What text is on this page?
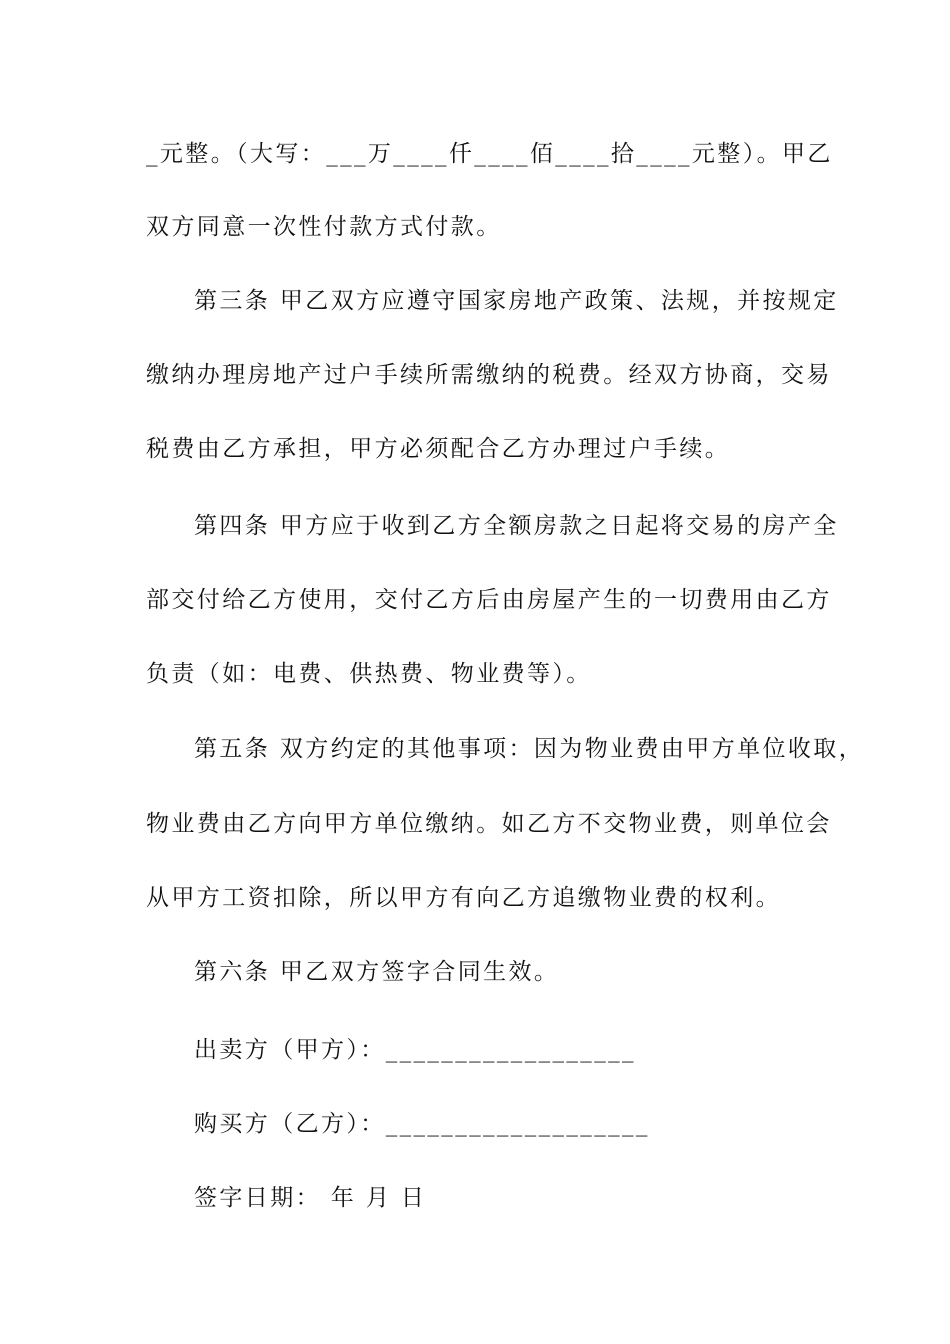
_元整。（大写：___万____仟____佰____拾____元整）。甲乙
双方同意一次性付款方式付款。
第三条 甲乙双方应遵守国家房地产政策、法规，并按规定
缴纳办理房地产过户手续所需缴纳的税费。经双方协商，交易
税费由乙方承担，甲方必须配合乙方办理过户手续。
第四条 甲方应于收到乙方全额房款之日起将交易的房产全
部交付给乙方使用，交付乙方后由房屋产生的一切费用由乙方
负责（如：电费、供热费、物业费等）。
第五条 双方约定的其他事项：因为物业费由甲方单位收取，
物业费由乙方向甲方单位缴纳。如乙方不交物业费，则单位会
从甲方工资扣除，所以甲方有向乙方追缴物业费的权利。
第六条 甲乙双方签字合同生效。
出卖方（甲方）：__________________
购买方（乙方）：___________________
签字日期： 年 月 日
